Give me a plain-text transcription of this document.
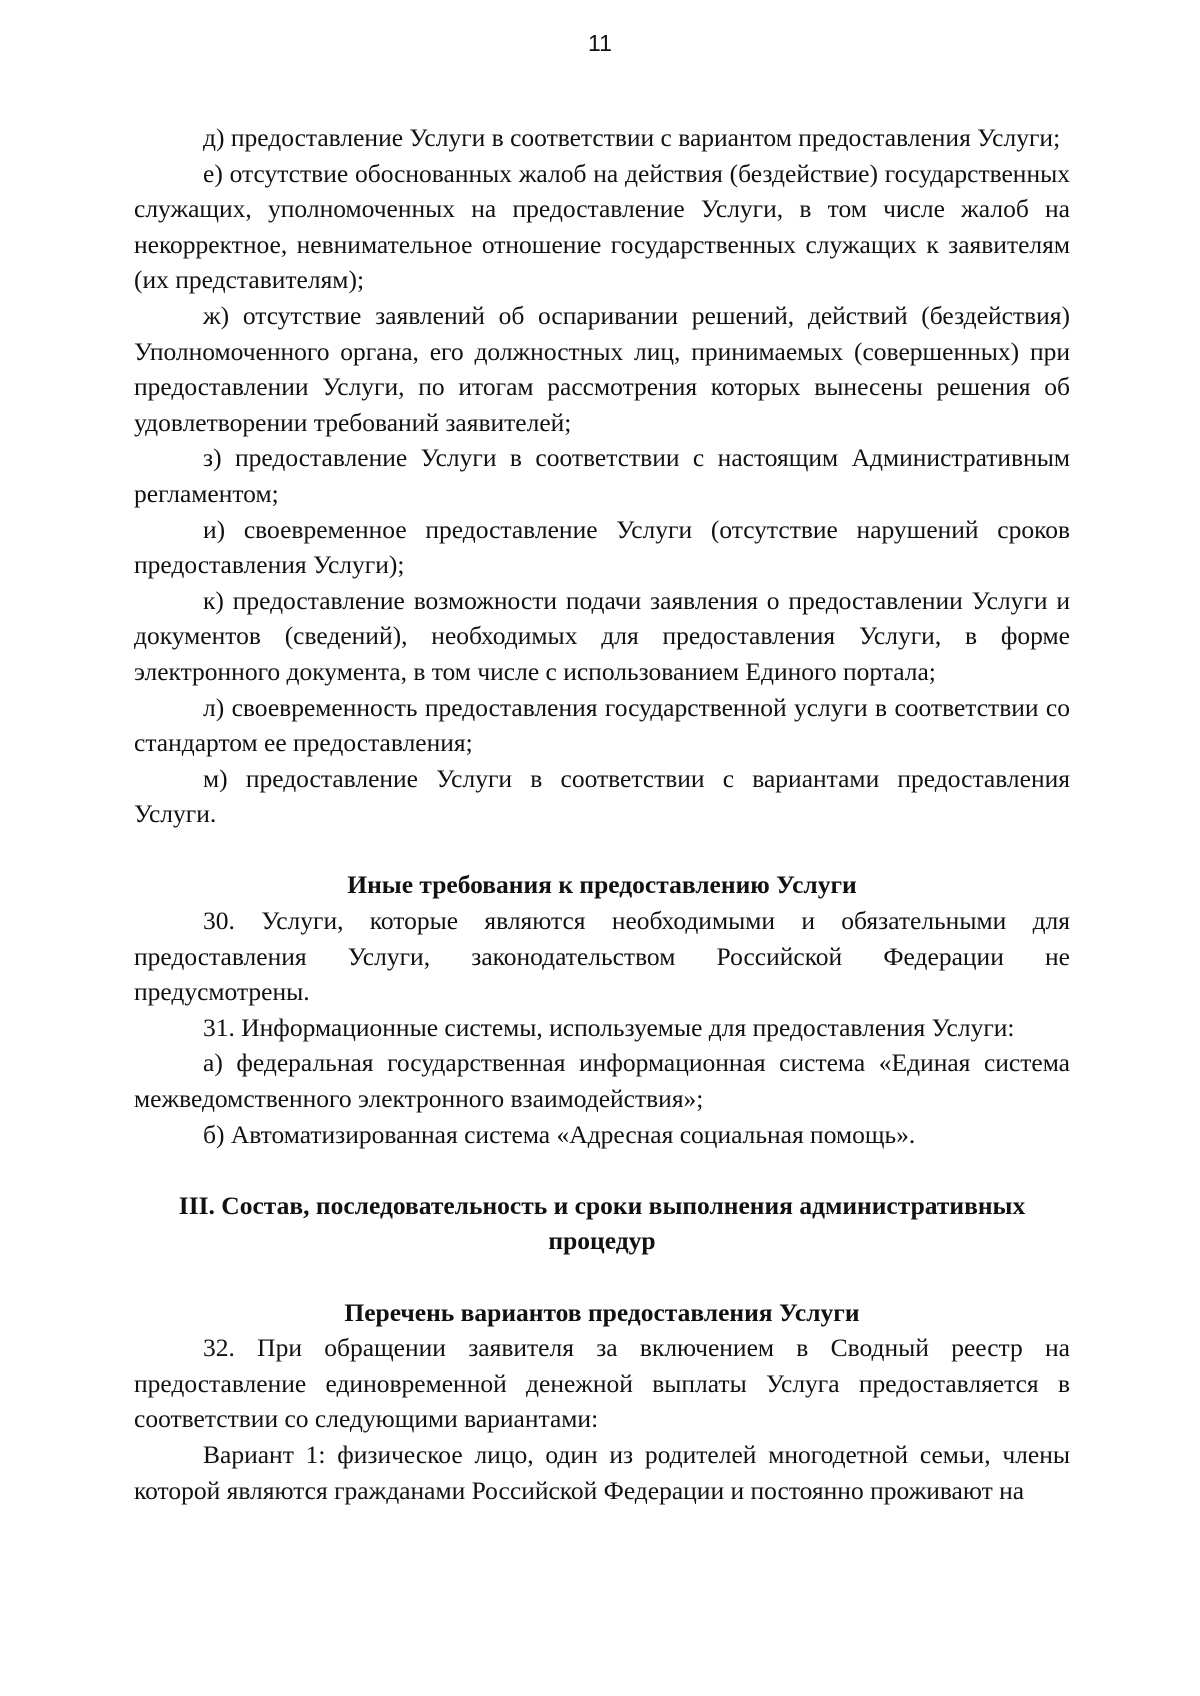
11

д) предоставление Услуги в соответствии с вариантом предоставления Услуги;

е) отсутствие обоснованных жалоб на действия (бездействие) государственных служащих, уполномоченных на предоставление Услуги, в том числе жалоб на некорректное, невнимательное отношение государственных служащих к заявителям (их представителям);

ж) отсутствие заявлений об оспаривании решений, действий (бездействия) Уполномоченного органа, его должностных лиц, принимаемых (совершенных) при предоставлении Услуги, по итогам рассмотрения которых вынесены решения об удовлетворении требований заявителей;

з) предоставление Услуги в соответствии с настоящим Административным регламентом;

и) своевременное предоставление Услуги (отсутствие нарушений сроков предоставления Услуги);

к) предоставление возможности подачи заявления о предоставлении Услуги и документов (сведений), необходимых для предоставления Услуги, в форме электронного документа, в том числе с использованием Единого портала;

л) своевременность предоставления государственной услуги в соответствии со стандартом ее предоставления;

м) предоставление Услуги в соответствии с вариантами предоставления Услуги.

Иные требования к предоставлению Услуги

30. Услуги, которые являются необходимыми и обязательными для предоставления Услуги, законодательством Российской Федерации не предусмотрены.

31. Информационные системы, используемые для предоставления Услуги:

а) федеральная государственная информационная система «Единая система межведомственного электронного взаимодействия»;

б) Автоматизированная система «Адресная социальная помощь».

III. Состав, последовательность и сроки выполнения административных процедур
Перечень вариантов предоставления Услуги

32. При обращении заявителя за включением в Сводный реестр на предоставление единовременной денежной выплаты Услуга предоставляется в соответствии со следующими вариантами:

Вариант 1: физическое лицо, один из родителей многодетной семьи, члены которой являются гражданами Российской Федерации и постоянно проживают на
